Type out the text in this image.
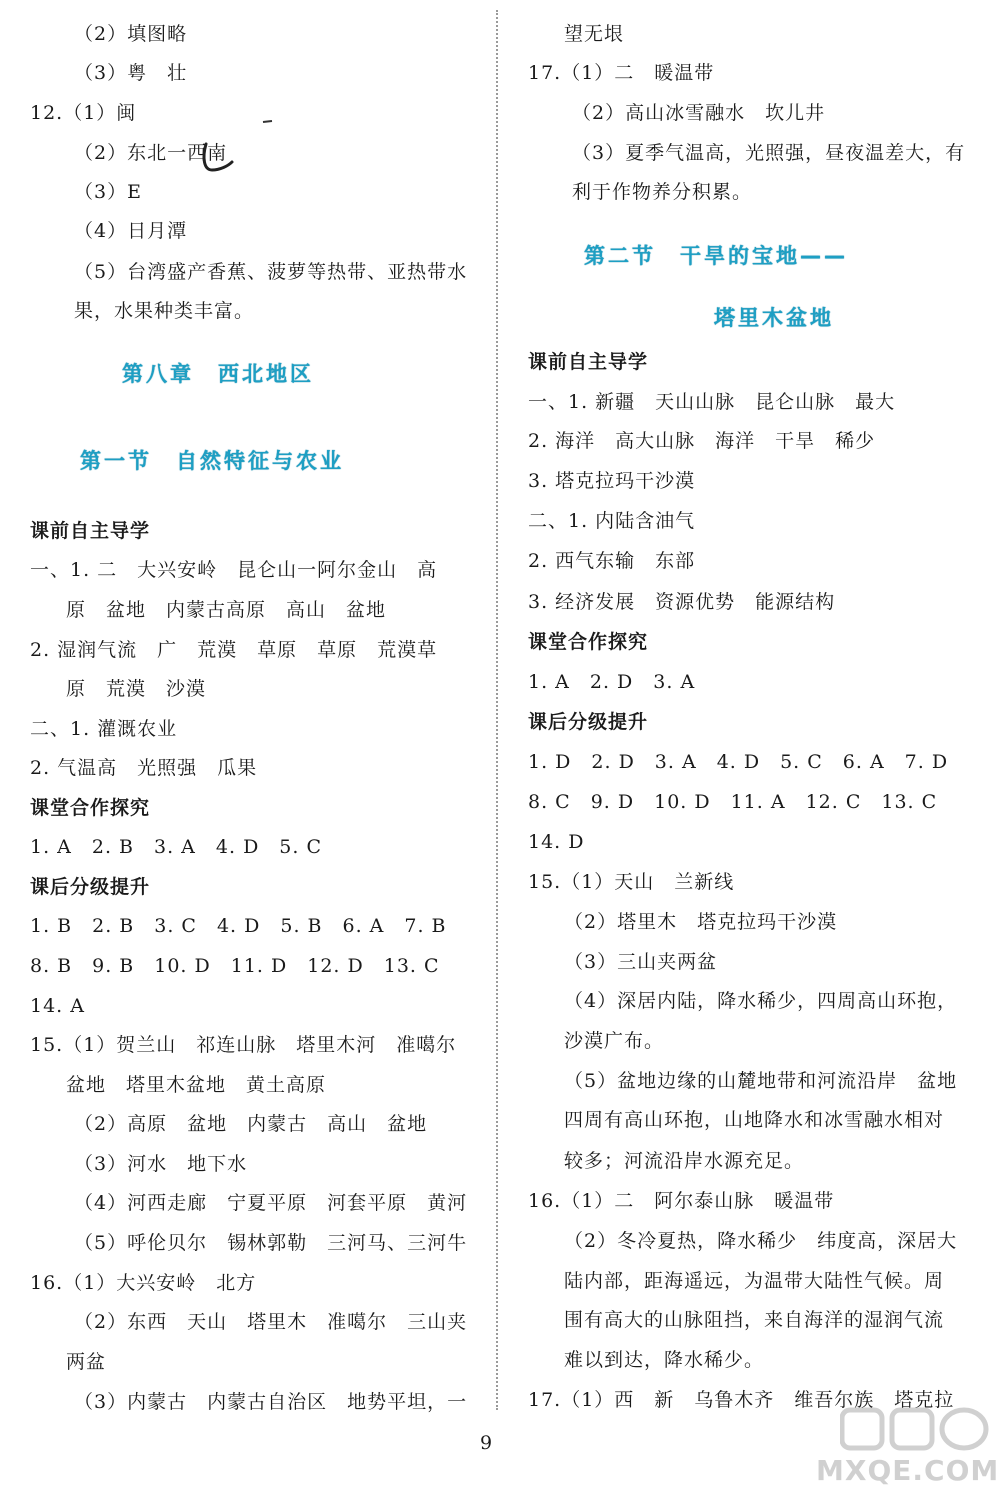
（2）填图略
（3）粤　壮
12.（1）闽
（2）东北一西南
（3）E
（4）日月潭
（5）台湾盛产香蕉、菠萝等热带、亚热带水
果，水果种类丰富。
第八章　西北地区
第一节　自然特征与农业
课前自主导学
一、1. 二　大兴安岭　昆仑山一阿尔金山　高
原　盆地　内蒙古高原　高山　盆地
2. 湿润气流　广　荒漠　草原　草原　荒漠草
原　荒漠　沙漠
二、1. 灌溉农业
2. 气温高　光照强　瓜果
课堂合作探究
1. A　2. B　3. A　4. D　5. C
课后分级提升
1. B　2. B　3. C　4. D　5. B　6. A　7. B
8. B　9. B　10. D　11. D　12. D　13. C
14. A
15.（1）贺兰山　祁连山脉　塔里木河　准噶尔
盆地　塔里木盆地　黄土高原
（2）高原　盆地　内蒙古　高山　盆地
（3）河水　地下水
（4）河西走廊　宁夏平原　河套平原　黄河
（5）呼伦贝尔　锡林郭勒　三河马、三河牛
16.（1）大兴安岭　北方
（2）东西　天山　塔里木　准噶尔　三山夹
两盆
（3）内蒙古　内蒙古自治区　地势平坦，一
望无垠
17.（1）二　暖温带
（2）高山冰雪融水　坎儿井
（3）夏季气温高，光照强，昼夜温差大，有
利于作物养分积累。
第二节　干旱的宝地——
塔里木盆地
课前自主导学
一、1. 新疆　天山山脉　昆仑山脉　最大
2. 海洋　高大山脉　海洋　干旱　稀少
3. 塔克拉玛干沙漠
二、1. 内陆含油气
2. 西气东输　东部
3. 经济发展　资源优势　能源结构
课堂合作探究
1. A　2. D　3. A
课后分级提升
1. D　2. D　3. A　4. D　5. C　6. A　7. D
8. C　9. D　10. D　11. A　12. C　13. C
14. D
15.（1）天山　兰新线
（2）塔里木　塔克拉玛干沙漠
（3）三山夹两盆
（4）深居内陆，降水稀少，四周高山环抱，
沙漠广布。
（5）盆地边缘的山麓地带和河流沿岸　盆地
四周有高山环抱，山地降水和冰雪融水相对
较多；河流沿岸水源充足。
16.（1）二　阿尔泰山脉　暖温带
（2）冬冷夏热，降水稀少　纬度高，深居大
陆内部，距海遥远，为温带大陆性气候。周
围有高大的山脉阻挡，来自海洋的湿润气流
难以到达，降水稀少。
17.（1）西　新　乌鲁木齐　维吾尔族　塔克拉
9
MXQE.COM
